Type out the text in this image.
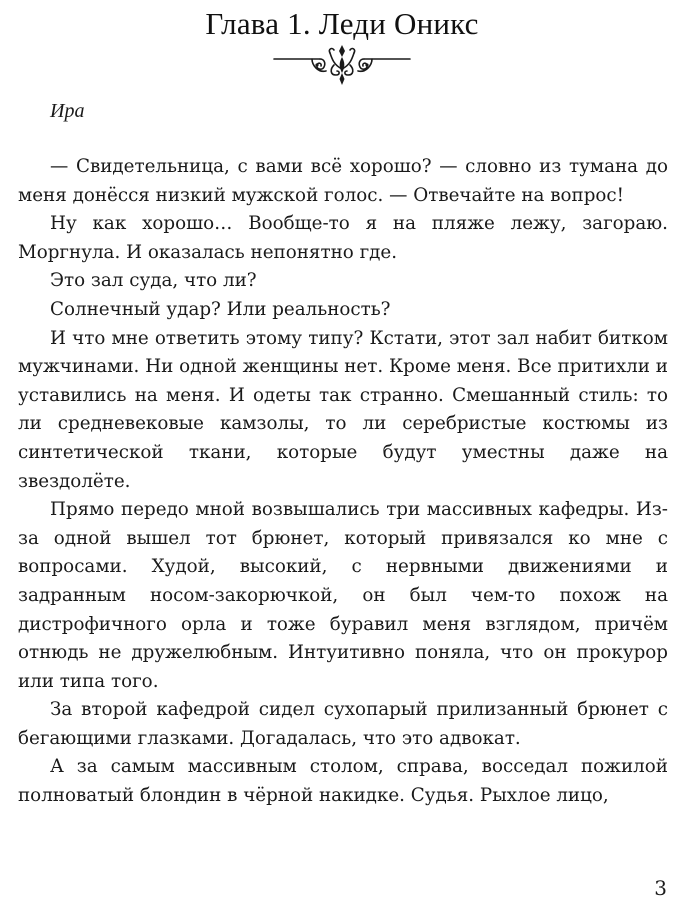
Глава 1. Леди Оникс
Ира

— Свидетельница, с вами всё хорошо? — словно из тумана до меня донёсся низкий мужской голос. — Отвечайте на вопрос!

Ну как хорошо… Вообще-то я на пляже лежу, загораю. Моргнула. И оказалась непонятно где.

Это зал суда, что ли?

Солнечный удар? Или реальность?

И что мне ответить этому типу? Кстати, этот зал набит битком мужчинами. Ни одной женщины нет. Кроме меня. Все притихли и уставились на меня. И одеты так странно. Смешанный стиль: то ли средневековые камзолы, то ли серебристые костюмы из синтетической ткани, которые будут уместны даже на звездолёте.

Прямо передо мной возвышались три массивных кафедры. Из-за одной вышел тот брюнет, который привязался ко мне с вопросами. Худой, высокий, с нервными движениями и задранным носом-закорючкой, он был чем-то похож на дистрофичного орла и тоже буравил меня взглядом, причём отнюдь не дружелюбным. Интуитивно поняла, что он прокурор или типа того.

За второй кафедрой сидел сухопарый прилизанный брюнет с бегающими глазками. Догадалась, что это адвокат.

А за самым массивным столом, справа, восседал пожилой полноватый блондин в чёрной накидке. Судья. Рыхлое лицо,

3
